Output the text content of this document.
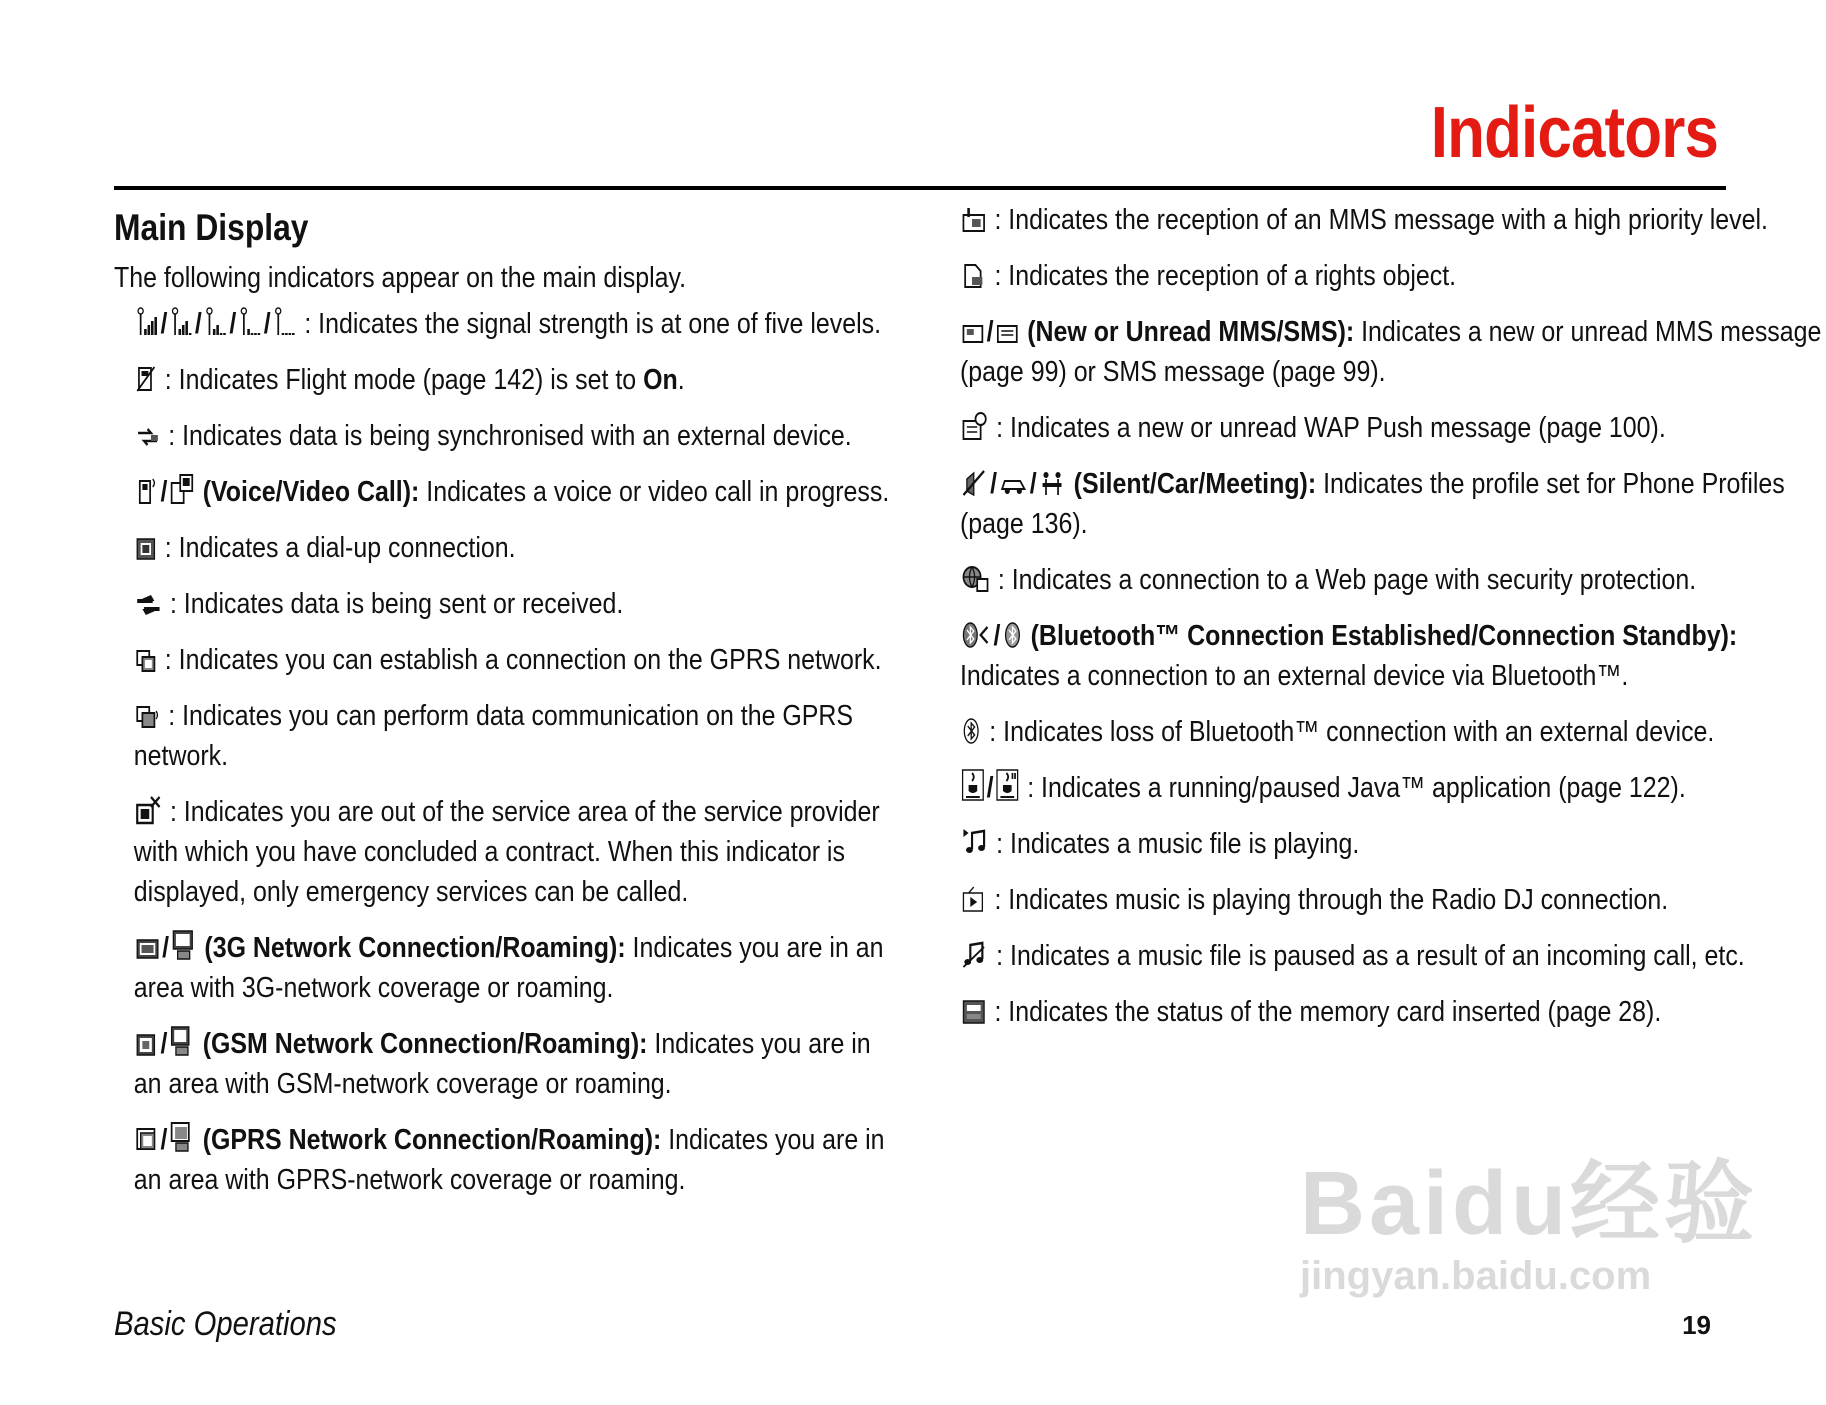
Indicators
Main Display

The following indicators appear on the main display.

/ / / / : Indicates the signal strength is at one of five levels.

: Indicates Flight mode (page 142) is set to On.

: Indicates data is being synchronised with an external device.

/ (Voice/Video Call): Indicates a voice or video call in progress.

: Indicates a dial-up connection.

: Indicates data is being sent or received.

: Indicates you can establish a connection on the GPRS network.

: Indicates you can perform data communication on the GPRS network.

: Indicates you are out of the service area of the service provider with which you have concluded a contract. When this indicator is displayed, only emergency services can be called.

/ (3G Network Connection/Roaming): Indicates you are in an area with 3G-network coverage or roaming.

/ (GSM Network Connection/Roaming): Indicates you are in an area with GSM-network coverage or roaming.

/ (GPRS Network Connection/Roaming): Indicates you are in an area with GPRS-network coverage or roaming.

: Indicates the reception of an MMS message with a high priority level.

: Indicates the reception of a rights object.

/ (New or Unread MMS/SMS): Indicates a new or unread MMS message (page 99) or SMS message (page 99).

: Indicates a new or unread WAP Push message (page 100).

/ / (Silent/Car/Meeting): Indicates the profile set for Phone Profiles (page 136).

: Indicates a connection to a Web page with security protection.

/ (Bluetooth™ Connection Established/Connection Standby): Indicates a connection to an external device via Bluetooth™.

: Indicates loss of Bluetooth™ connection with an external device.

/ : Indicates a running/paused Java™ application (page 122).

: Indicates a music file is playing.

: Indicates music is playing through the Radio DJ connection.

: Indicates a music file is paused as a result of an incoming call, etc.

: Indicates the status of the memory card inserted (page 28).

Basic Operations	19
Baidu经验
jingyan.baidu.com
